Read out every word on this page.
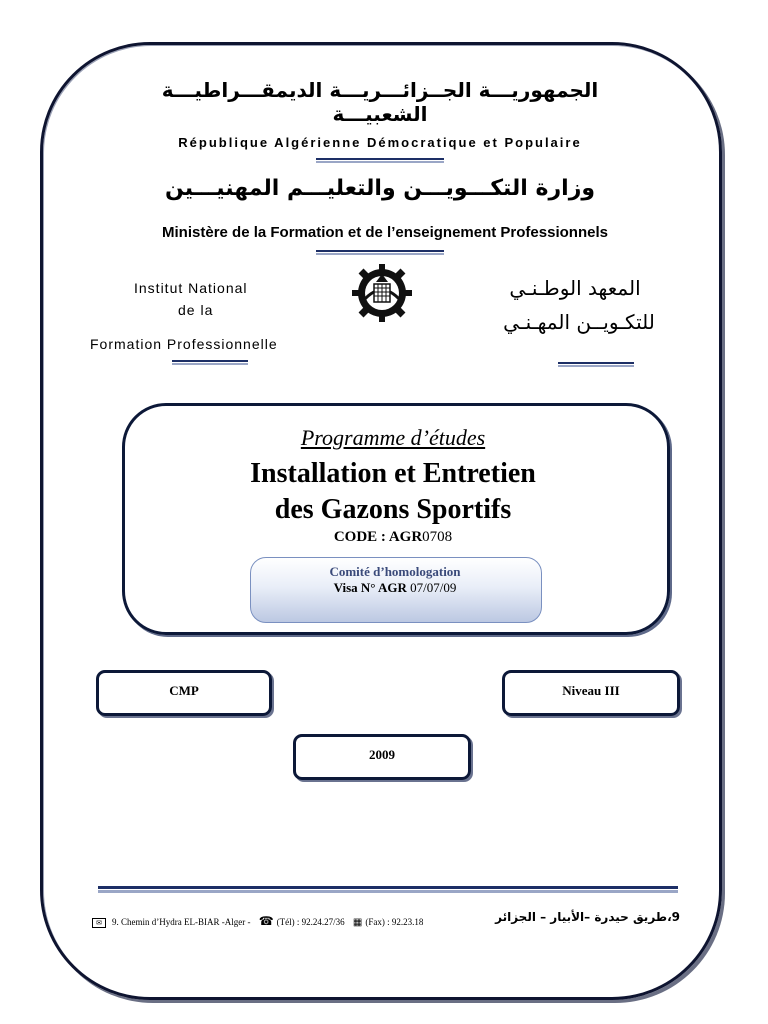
الجمهوريـــة الجــزائـــريـــة الديمقـــراطيـــة الشعبيـــة
République Algérienne Démocratique et Populaire
وزارة التكـــويـــن والتعليـــم المهنيـــين
Ministère de la Formation et de l’enseignement Professionnels
Institut National
de la
Formation Professionnelle
المعهد الوطـنـي
للتكـويــن المهـنـي
Programme d’études
Installation et Entretien
des Gazons Sportifs
CODE : AGR0708
Comité d’homologation
Visa N° AGR 07/07/09
CMP	Niveau III
2009
✉ 9. Chemin d’Hydra EL-BIAR -Alger - ☎ (Tél) : 92.24.27/36 ▦ (Fax) : 92.23.18	9،طريق حيدرة –الأبيار – الجزائر
